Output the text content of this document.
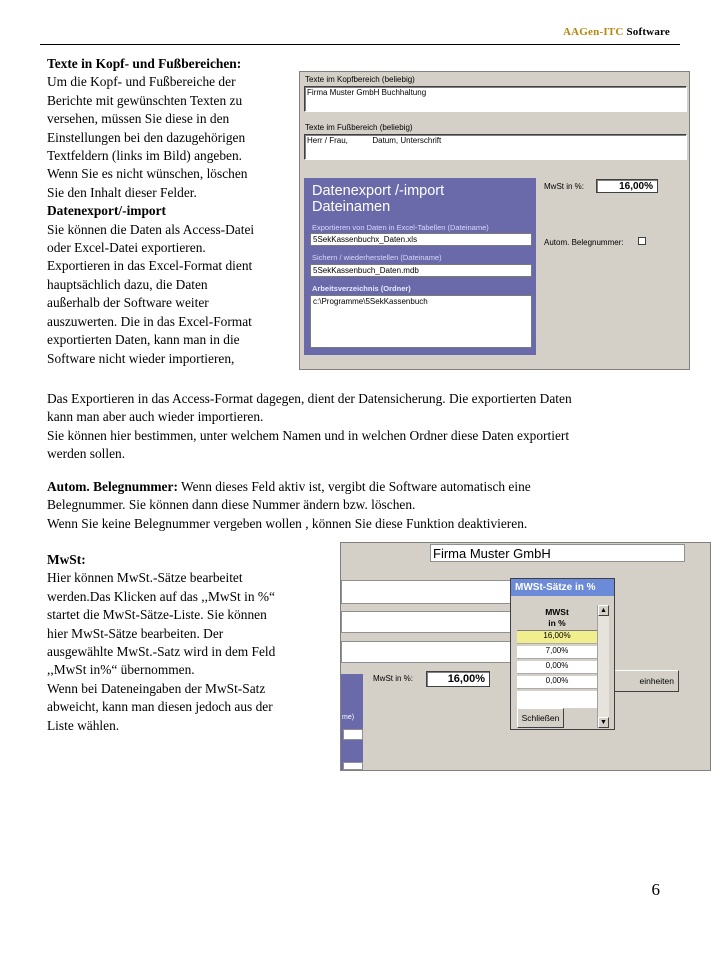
AAGen-ITC Software

Texte in Kopf- und Fußbereichen:

Um die Kopf- und Fußbereiche der

Berichte mit gewünschten Texten zu

versehen, müssen Sie diese in den

Einstellungen bei den dazugehörigen

Textfeldern (links im Bild) angeben.

Wenn Sie es nicht wünschen, löschen

Sie den Inhalt dieser Felder.

Datenexport/-import

Sie können die Daten als Access-Datei

oder Excel-Datei exportieren.

Exportieren in das Excel-Format dient

hauptsächlich dazu, die Daten

außerhalb der Software weiter

auszuwerten. Die in das Excel-Format

exportierten Daten, kann man in die

Software nicht wieder importieren,

Texte im Kopfbereich (beliebig)
Firma Muster GmbH Buchhaltung
Texte im Fußbereich (beliebig)
Herr / Frau,           Datum, Unterschrift
Datenexport /-import
Dateinamen
Exportieren von Daten in Excel-Tabellen (Dateiname)
5SekKassenbuchx_Daten.xls
Sichern / wiederherstellen (Dateiname)
5SekKassenbuch_Daten.mdb
Arbeitsverzeichnis (Ordner)
c:\Programme\5SekKassenbuch
MwSt in %:	16,00%
Autom. Belegnummer:

Das Exportieren in das Access-Format dagegen, dient der Datensicherung. Die exportierten Daten

kann man aber auch wieder importieren.

Sie können hier bestimmen, unter welchem Namen und in welchen Ordner diese Daten exportiert

werden sollen.

Autom. Belegnummer: Wenn dieses Feld aktiv ist, vergibt die Software automatisch eine

Belegnummer. Sie können dann diese Nummer ändern bzw. löschen.

Wenn Sie keine Belegnummer vergeben wollen , können Sie diese Funktion deaktivieren.

MwSt:

Hier können MwSt.-Sätze bearbeitet

werden.Das Klicken auf das ,,MwSt in %“

startet die MwSt-Sätze-Liste. Sie können

hier MwSt-Sätze bearbeiten. Der

ausgewählte MwSt.-Satz wird in dem Feld

,,MwSt in%“ übernommen.

Wenn bei Dateneingaben der MwSt-Satz

abweicht, kann man diesen jedoch aus der

Liste wählen.

Firma Muster GmbH
MwSt in %:	16,00%
me)
einheiten
MWSt-Sätze in %
MWSt
in %
16,00%
7,00%
0,00%
0,00%
▲
▼
Schließen
6
